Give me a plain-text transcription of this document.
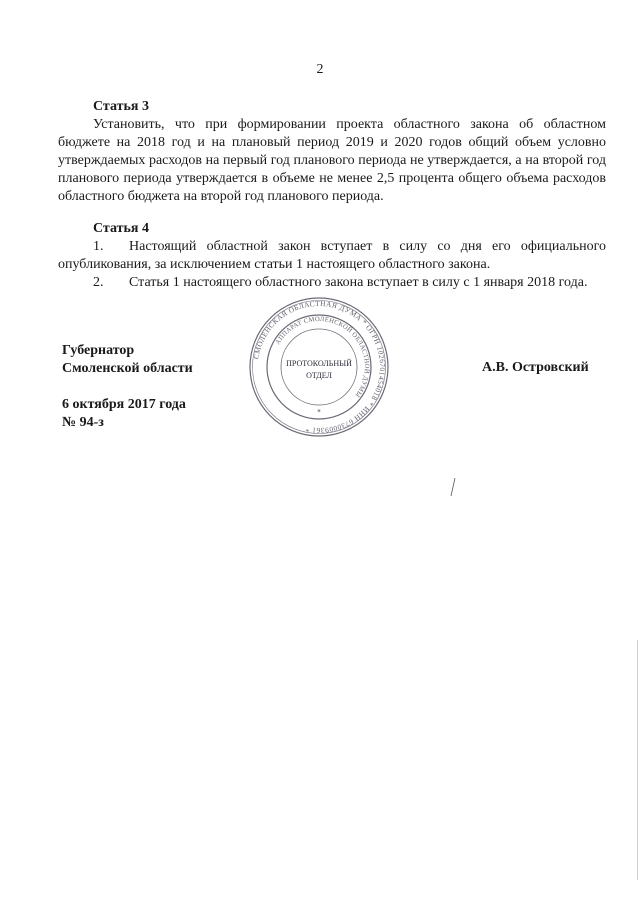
2
Статья 3

Установить, что при формировании проекта областного закона об областном бюджете на 2018 год и на плановый период 2019 и 2020 годов общий объем условно утверждаемых расходов на первый год планового периода не утверждается, а на второй год планового периода утверждается в объеме не менее 2,5 процента общего объема расходов областного бюджета на второй год планового периода.

Статья 4

1. Настоящий областной закон вступает в силу со дня его официального опубликования, за исключением статьи 1 настоящего областного закона.

2. Статья 1 настоящего областного закона вступает в силу с 1 января 2018 года.

Губернатор
Смоленской области	А.В. Островский
6 октября 2017 года
№ 94-з
СМОЛЕНСКАЯ ОБЛАСТНАЯ ДУМА * ОГРН 1026701454018 * ИНН 6730009361 *
АППАРАТ СМОЛЕНСКОЙ ОБЛАСТНОЙ ДУМЫ
ПРОТОКОЛЬНЫЙ
ОТДЕЛ
*
